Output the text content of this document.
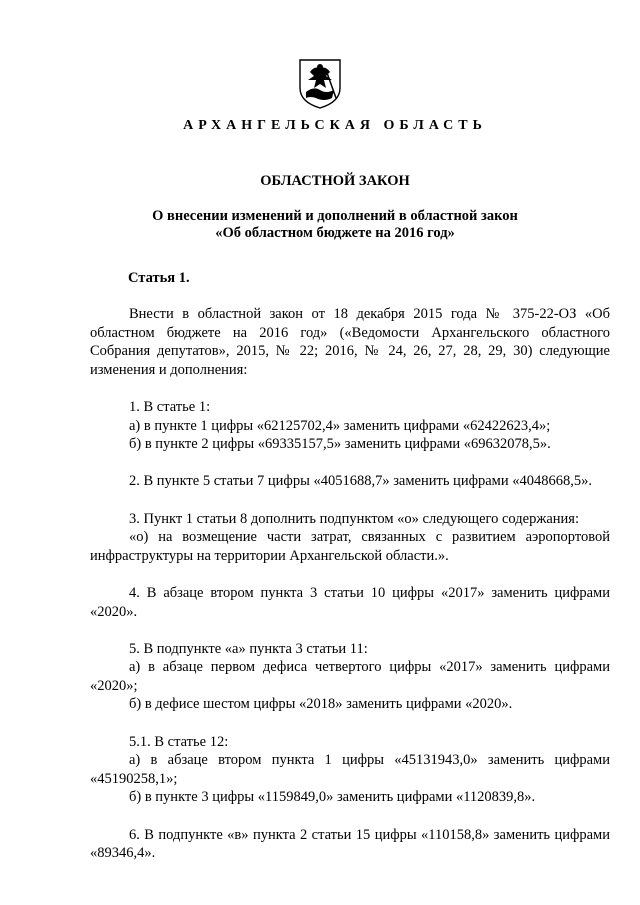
АРХАНГЕЛЬСКАЯ ОБЛАСТЬ
ОБЛАСТНОЙ ЗАКОН
О внесении изменений и дополнений в областной закон
«Об областном бюджете на 2016 год»
Статья 1.

Внести в областной закон от 18 декабря 2015 года № 375-22-ОЗ «Об областном бюджете на 2016 год» («Ведомости Архангельского областного Собрания депутатов», 2015, № 22; 2016, № 24, 26, 27, 28, 29, 30) следующие изменения и дополнения:

1. В статье 1:

а) в пункте 1 цифры «62125702,4» заменить цифрами «62422623,4»;

б) в пункте 2 цифры «69335157,5» заменить цифрами «69632078,5».

2. В пункте 5 статьи 7 цифры «4051688,7» заменить цифрами «4048668,5».

3. Пункт 1 статьи 8 дополнить подпунктом «о» следующего содержания:

«о) на возмещение части затрат, связанных с развитием аэропортовой инфраструктуры на территории Архангельской области.».

4. В абзаце втором пункта 3 статьи 10 цифры «2017» заменить цифрами «2020».

5. В подпункте «а» пункта 3 статьи 11:

а) в абзаце первом дефиса четвертого цифры «2017» заменить цифрами «2020»;

б) в дефисе шестом цифры «2018» заменить цифрами «2020».

5.1. В статье 12:

а) в абзаце втором пункта 1 цифры «45131943,0» заменить цифрами «45190258,1»;

б) в пункте 3 цифры «1159849,0» заменить цифрами «1120839,8».

6. В подпункте «в» пункта 2 статьи 15 цифры «110158,8» заменить цифрами «89346,4».
